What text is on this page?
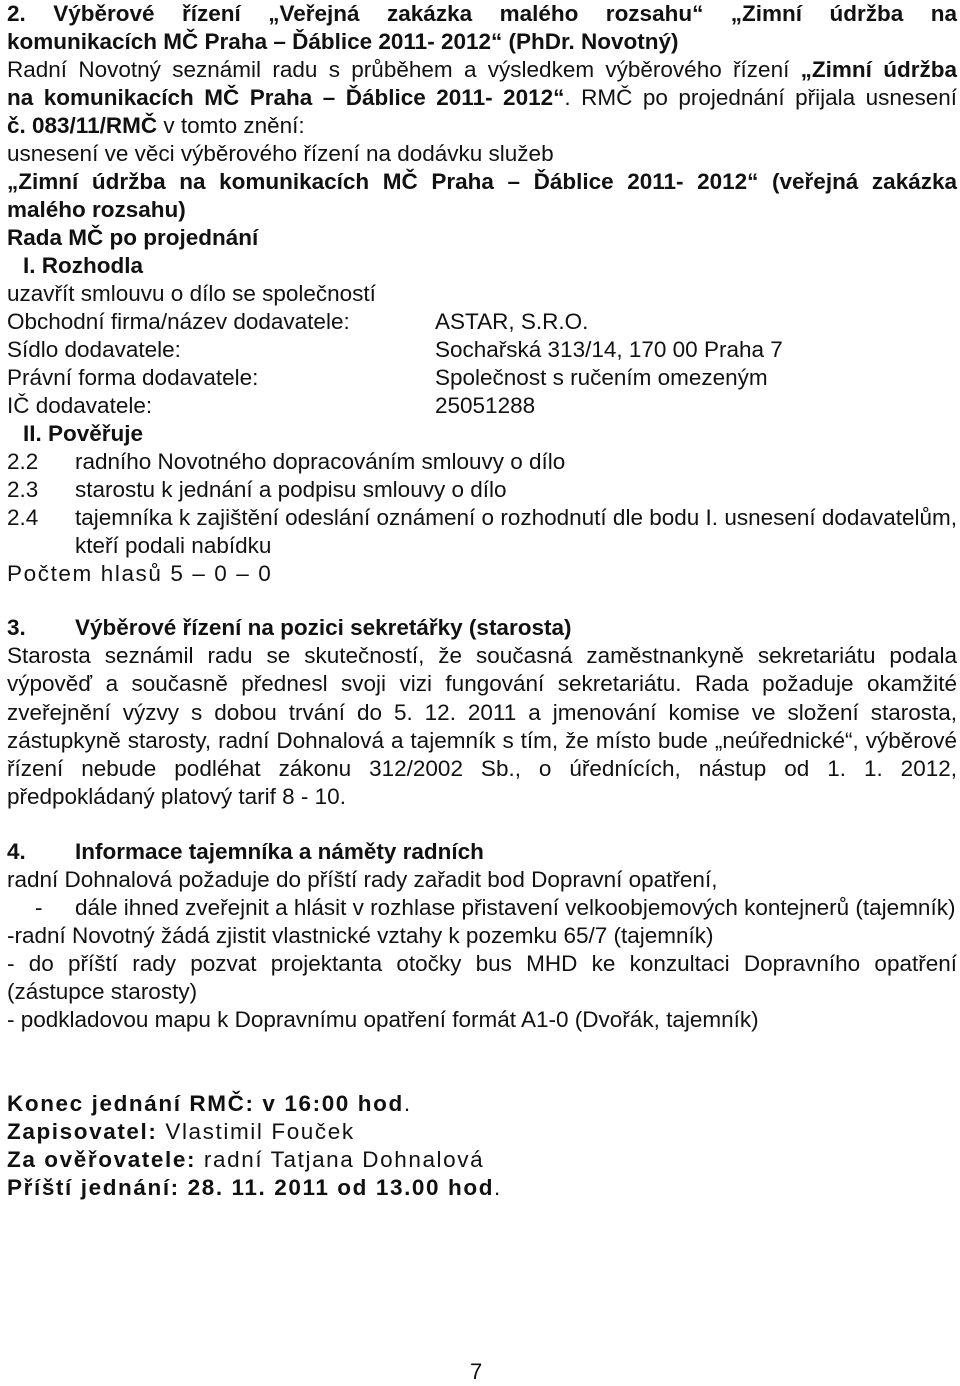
2. Výběrové řízení „Veřejná zakázka malého rozsahu“ „Zimní údržba na
komunikacích MČ Praha – Ďáblice 2011- 2012“ (PhDr. Novotný)
Radní Novotný seznámil radu s průběhem a výsledkem výběrového řízení „Zimní údržba
na komunikacích MČ Praha – Ďáblice 2011- 2012“. RMČ po projednání přijala usnesení
č. 083/11/RMČ v tomto znění:
usnesení ve věci výběrového řízení na dodávku služeb
„Zimní údržba na komunikacích MČ Praha – Ďáblice 2011- 2012“ (veřejná zakázka
malého rozsahu)
Rada MČ po projednání
I. Rozhodla
uzavřít smlouvu o dílo se společností
Obchodní firma/název dodavatele:	ASTAR, S.R.O.
Sídlo dodavatele:	Sochařská 313/14, 170 00 Praha 7
Právní forma dodavatele:	Společnost s ručením omezeným
IČ dodavatele:	25051288
II. Pověřuje
2.2	radního Novotného dopracováním smlouvy o dílo
2.3	starostu k jednání a podpisu smlouvy o dílo
2.4	tajemníka k zajištění odeslání oznámení o rozhodnutí dle bodu I. usnesení dodavatelům, kteří podali nabídku
Počtem hlasů 5 – 0 – 0
3. Výběrové řízení na pozici sekretářky (starosta)
Starosta seznámil radu se skutečností, že současná zaměstnankyně sekretariátu podala výpověď a současně přednesl svoji vizi fungování sekretariátu. Rada požaduje okamžité zveřejnění výzvy s dobou trvání do 5. 12. 2011 a jmenování komise ve složení starosta, zástupkyně starosty, radní Dohnalová a tajemník s tím, že místo bude „neúřednické“, výběrové řízení nebude podléhat zákonu 312/2002 Sb., o úřednících, nástup od 1. 1. 2012, předpokládaný platový tarif 8 - 10.
4. Informace tajemníka a náměty radních
radní Dohnalová požaduje do příští rady zařadit bod Dopravní opatření,
-	dále ihned zveřejnit a hlásit v rozhlase přistavení velkoobjemových kontejnerů (tajemník)
-radní Novotný žádá zjistit vlastnické vztahy k pozemku 65/7 (tajemník)
- do příští rady pozvat projektanta otočky bus MHD ke konzultaci Dopravního opatření (zástupce starosty)
- podkladovou mapu k Dopravnímu opatření formát A1-0 (Dvořák, tajemník)
Konec jednání RMČ: v 16:00 hod.
Zapisovatel: Vlastimil Fouček
Za ověřovatele: radní Tatjana Dohnalová
Příští jednání: 28. 11. 2011 od 13.00 hod.
7
